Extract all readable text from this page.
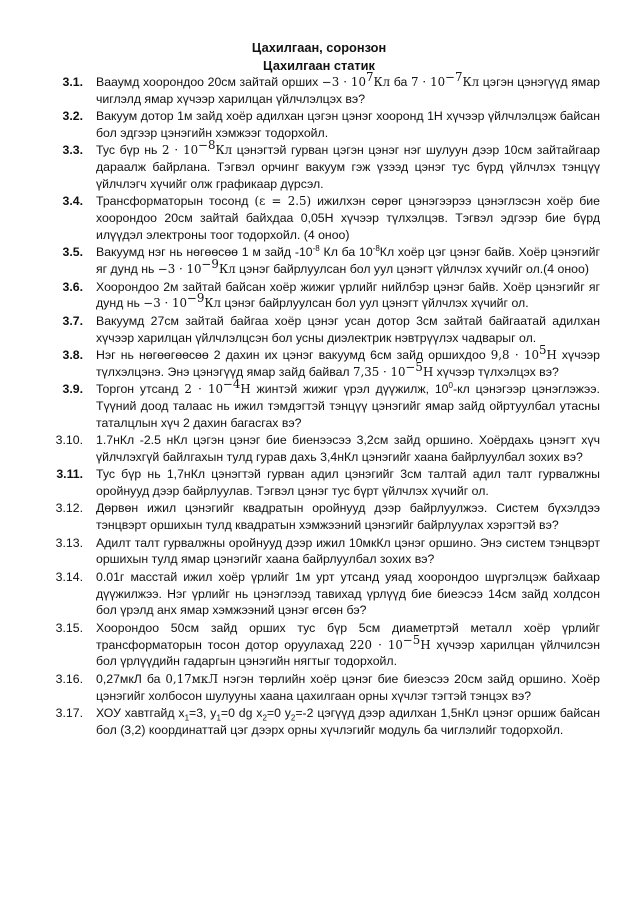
Цахилгаан, соронзон
Цахилгаан статик
3.1. Вааумд хоорондоо 20см зайтай орших $-3 \cdot 10^7Кл$ ба $7 \cdot 10^{-7}Кл$ цэгэн цэнэгүүд ямар чиглэлд ямар хүчээр харилцан үйлчлэлцэх вэ?
3.2. Вакуум дотор 1м зайд хоёр адилхан цэгэн цэнэг хооронд 1Н хүчээр үйлчлэлцэж байсан бол эдгээр цэнэгийн хэмжээг тодорхойл.
3.3. Тус бүр нь $2 \cdot 10^{-8}Кл$ цэнэгтэй гурван цэгэн цэнэг нэг шулуун дээр 10см зайтайгаар дараалж байрлана. Тэгвэл орчинг вакуум гэж үзээд цэнэг тус бүрд үйлчлэх тэнцүү үйлчлэгч хүчийг олж графикаар дүрсэл.
3.4. Трансформаторын тосонд (ε = 2.5) ижилхэн сөрөг цэнэгээрээ цэнэглэсэн хоёр бие хоорондоо 20см зайтай байхдаа 0,05Н хүчээр түлхэлцэв. Тэгвэл эдгээр бие бүрд илүүдэл электроны тоог тодорхойл. (4 оноо)
3.5. Вакуумд нэг нь нөгөөсөө 1 м зайд $-10^{-8}$ Кл ба $10^{-8}Кл$ хоёр цэг цэнэг байв. Хоёр цэнэгийг яг дунд нь $-3 \cdot 10^{-9}Кл$ цэнэг байрлуулсан бол уул цэнэгт үйлчлэх хүчийг ол.(4 оноо)
3.6. Хоорондоо 2м зайтай байсан хоёр жижиг үрлийг нийлбэр цэнэг байв. Хоёр цэнэгийг яг дунд нь $-3 \cdot 10^{-9}Кл$ цэнэг байрлуулсан бол уул цэнэгт үйлчлэх хүчийг ол.
3.7. Вакуумд 27см зайтай байгаа хоёр цэнэг усан дотор 3см зайтай байгаатай адилхан хүчээр харилцан үйлчлэлцсэн бол усны диэлектрик нэвтрүүлэх чадварыг ол.
3.8. Нэг нь нөгөөгөөсөө 2 дахин их цэнэг вакуумд 6см зайд оршихдоо $9,8 \cdot 10^5Н$ хүчээр түлхэлцэнэ. Энэ цэнэгүүд ямар зайд байвал $7,35 \cdot 10^{-5}Н$ хүчээр түлхэлцэх вэ?
3.9. Торгон утсанд $2 \cdot 10^{-4}Н$ жинтэй жижиг үрэл дүүжилж, $10^0-кл$ цэнэгээр цэнэглэжээ. Түүний доод талаас нь ижил тэмдэгтэй тэнцүү цэнэгийг ямар зайд ойртуулбал утасны таталцлын хүч 2 дахин багасгах вэ?
3.10. 1.7нКл -2.5 нКл цэгэн цэнэг бие биенээсээ 3,2см зайд оршино. Хоёрдахь цэнэгт хүч үйлчлэхгүй байлгахын тулд гурав дахь 3,4нКл цэнэгийг хаана байрлуулбал зохих вэ?
3.11. Тус бүр нь 1,7нКл цэнэгтэй гурван адил цэнэгийг 3см талтай адил талт гурвалжны оройнууд дээр байрлуулав. Тэгвэл цэнэг тус бүрт үйлчлэх хүчийг ол.
3.12. Дөрвөн ижил цэнэгийг квадратын оройнууд дээр байрлуулжээ. Систем бүхэлдээ тэнцвэрт оршихын тулд квадратын хэмжээний цэнэгийг байрлуулах хэрэгтэй вэ?
3.13. Адилт талт гурвалжны оройнууд дээр ижил 10мкКл цэнэг оршино. Энэ систем тэнцвэрт оршихын тулд ямар цэнэгийг хаана байрлуулбал зохих вэ?
3.14. 0.01г масстай ижил хоёр үрлийг 1м урт утсанд уяад хоорондоо шүргэлцэж байхаар дүүжилжээ. Нэг үрлийг нь цэнэглээд тавихад үрлүүд бие биеэсээ 14см зайд холдсон бол үрэлд анх ямар хэмжээний цэнэг өгсөн бэ?
3.15. Хоорондоо 50см зайд орших тус бүр 5см диаметртэй металл хоёр үрлийг трансформаторын тосон дотор оруулахад $220 \cdot 10^{-5}Н$ хүчээр харилцан үйлчилсэн бол үрлүүдийн гадаргын цэнэгийн нягтыг тодорхойл.
3.16. 0,27мкЛ ба 0,17мкЛ нэгэн төрлийн хоёр цэнэг бие биеэсээ 20см зайд оршино. Хоёр цэнэгийг холбосон шулууны хаана цахилгаан орны хүчлэг тэгтэй тэнцэх вэ?
3.17. ХОУ хавтгайд $x_1=3$, $y_1=0$ dg $x_2=0$ $y_2=-2$ цэгүүд дээр адилхан 1,5нКл цэнэг оршиж байсан бол (3,2) координаттай цэг дээрх орны хүчлэгийг модуль ба чиглэлийг тодорхойл.
